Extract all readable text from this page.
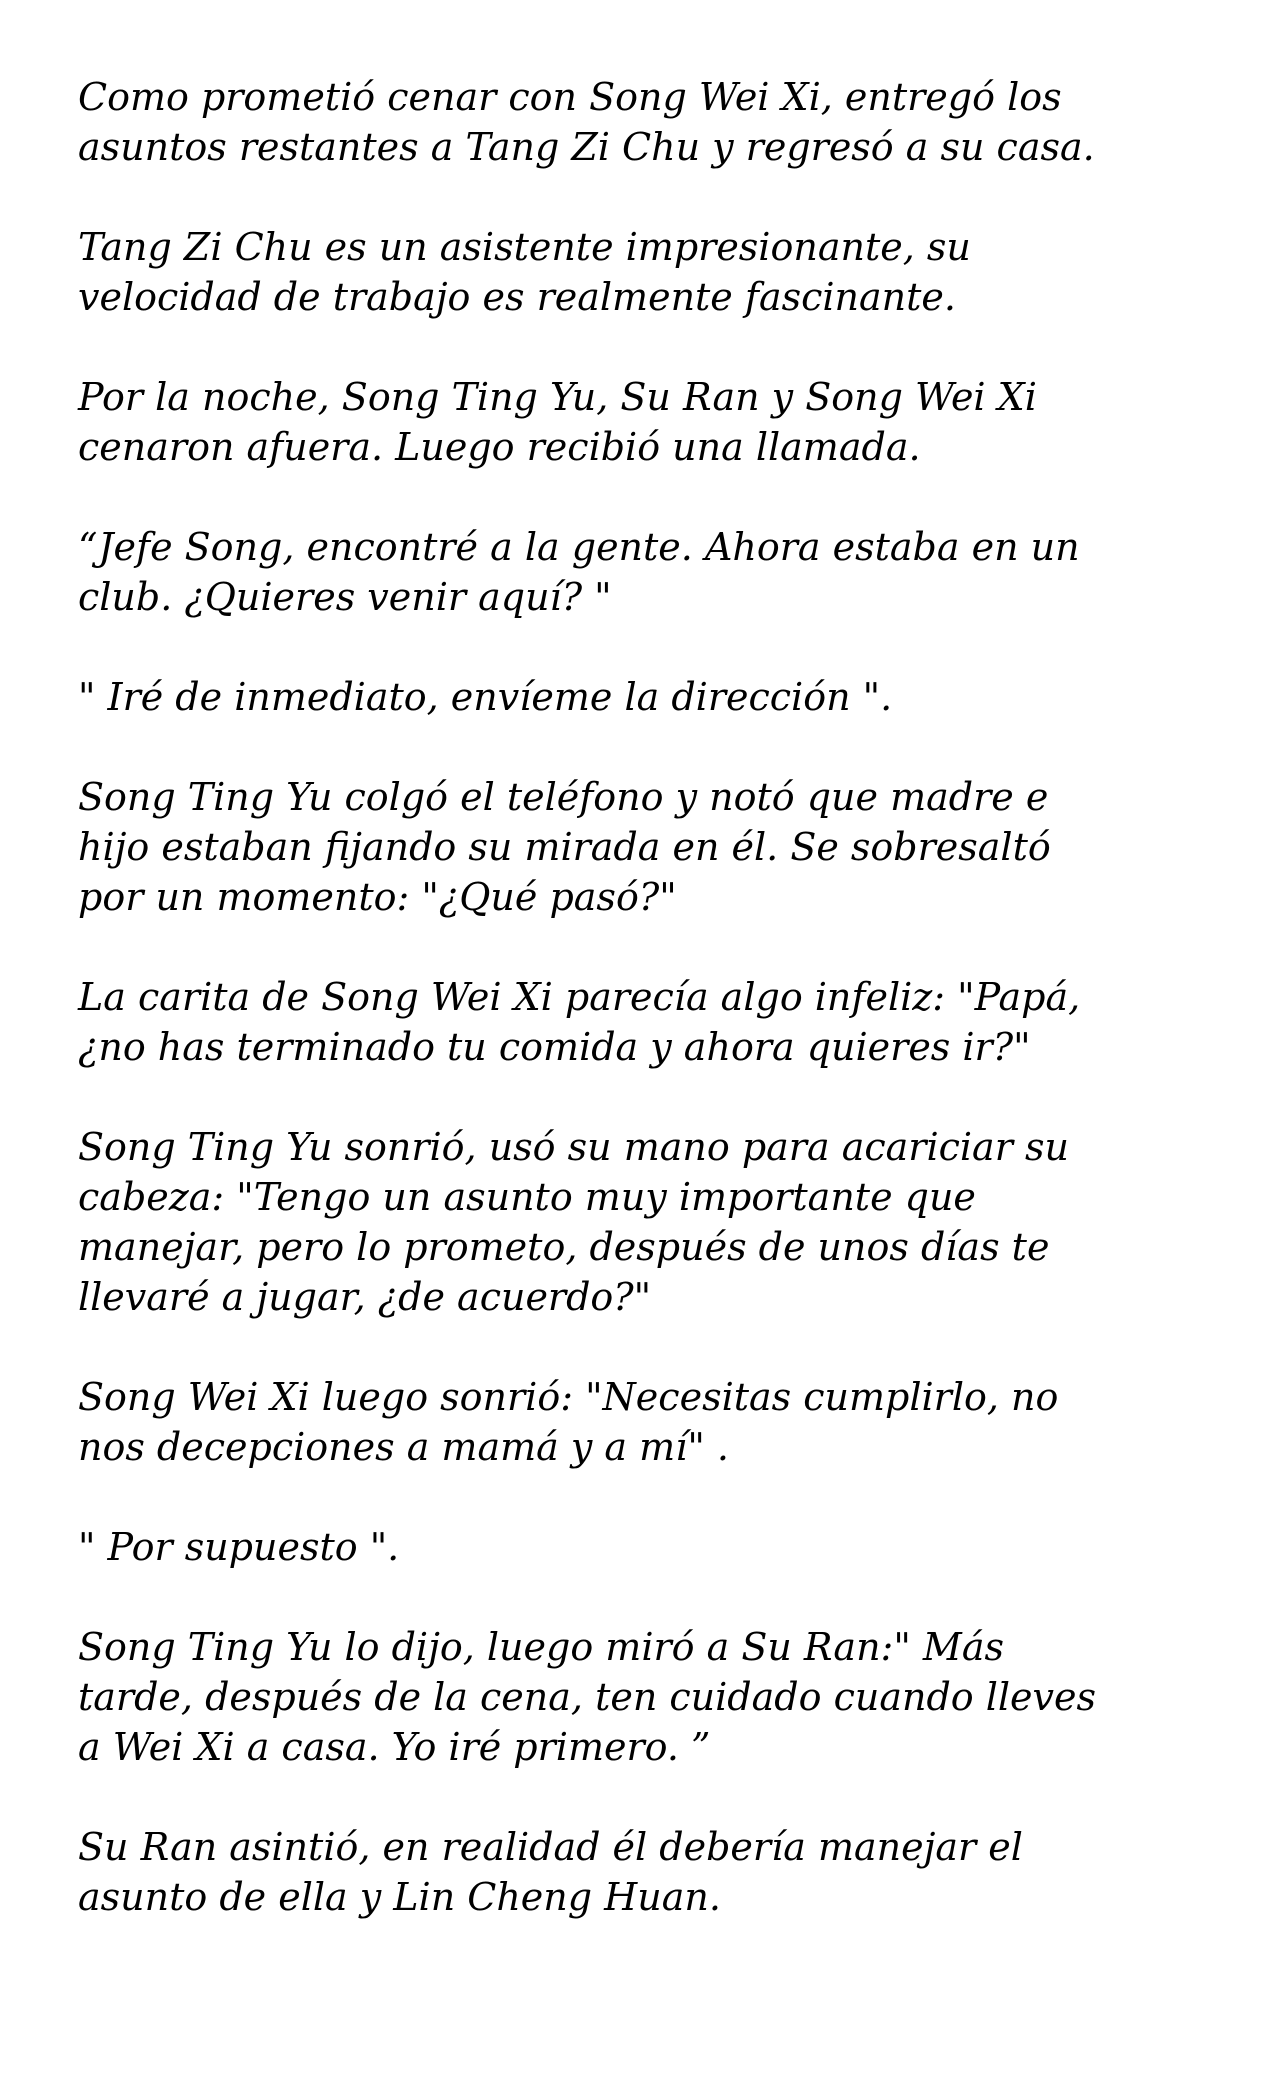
Como prometió cenar con Song Wei Xi, entregó los
asuntos restantes a Tang Zi Chu y regresó a su casa.

Tang Zi Chu es un asistente impresionante, su
velocidad de trabajo es realmente fascinante.

Por la noche, Song Ting Yu, Su Ran y Song Wei Xi
cenaron afuera. Luego recibió una llamada.

“Jefe Song, encontré a la gente. Ahora estaba en un
club. ¿Quieres venir aquí? "

" Iré de inmediato, envíeme la dirección ".

Song Ting Yu colgó el teléfono y notó que madre e
hijo estaban fijando su mirada en él. Se sobresaltó
por un momento: "¿Qué pasó?"

La carita de Song Wei Xi parecía algo infeliz: "Papá,
¿no has terminado tu comida y ahora quieres ir?"

Song Ting Yu sonrió, usó su mano para acariciar su
cabeza: "Tengo un asunto muy importante que
manejar, pero lo prometo, después de unos días te
llevaré a jugar, ¿de acuerdo?"

Song Wei Xi luego sonrió: "Necesitas cumplirlo, no
nos decepciones a mamá y a mí" .

" Por supuesto ".

Song Ting Yu lo dijo, luego miró a Su Ran:" Más
tarde, después de la cena, ten cuidado cuando lleves
a Wei Xi a casa. Yo iré primero. ”

Su Ran asintió, en realidad él debería manejar el
asunto de ella y Lin Cheng Huan.
